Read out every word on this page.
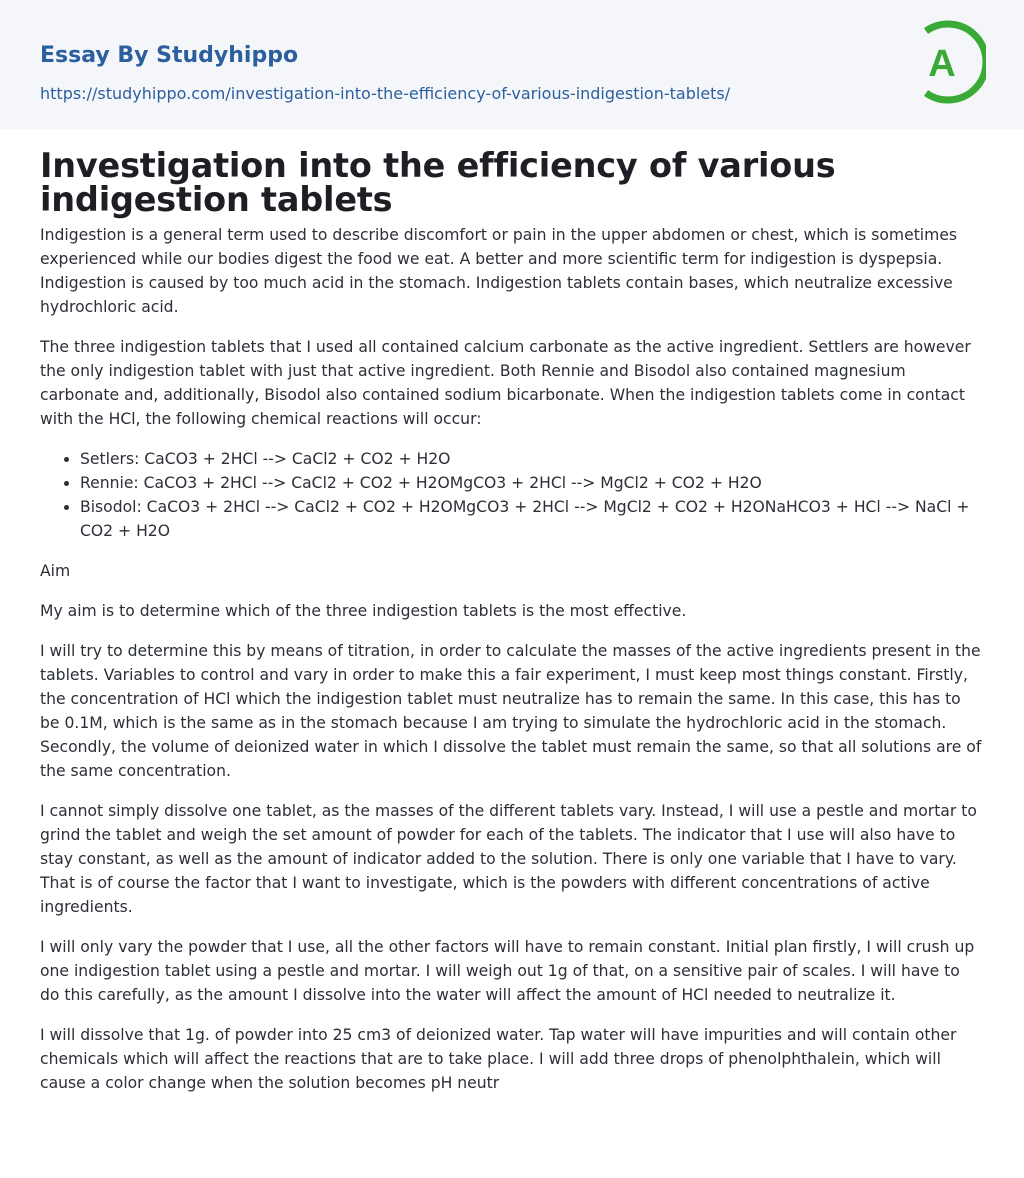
Essay By Studyhippo
https://studyhippo.com/investigation-into-the-efficiency-of-various-indigestion-tablets/
A
Investigation into the efficiency of various indigestion tablets

Indigestion is a general term used to describe discomfort or pain in the upper abdomen or chest, which is sometimes experienced while our bodies digest the food we eat. A better and more scientific term for indigestion is dyspepsia. Indigestion is caused by too much acid in the stomach. Indigestion tablets contain bases, which neutralize excessive hydrochloric acid.

The three indigestion tablets that I used all contained calcium carbonate as the active ingredient. Settlers are however the only indigestion tablet with just that active ingredient. Both Rennie and Bisodol also contained magnesium carbonate and, additionally, Bisodol also contained sodium bicarbonate. When the indigestion tablets come in contact with the HCl, the following chemical reactions will occur:

• Setlers: CaCO3 + 2HCl --> CaCl2 + CO2 + H2O
• Rennie: CaCO3 + 2HCl --> CaCl2 + CO2 + H2OMgCO3 + 2HCl --> MgCl2 + CO2 + H2O
• Bisodol: CaCO3 + 2HCl --> CaCl2 + CO2 + H2OMgCO3 + 2HCl --> MgCl2 + CO2 + H2ONaHCO3 + HCl --> NaCl + CO2 + H2O

Aim

My aim is to determine which of the three indigestion tablets is the most effective.

I will try to determine this by means of titration, in order to calculate the masses of the active ingredients present in the tablets. Variables to control and vary in order to make this a fair experiment, I must keep most things constant. Firstly, the concentration of HCl which the indigestion tablet must neutralize has to remain the same. In this case, this has to be 0.1M, which is the same as in the stomach because I am trying to simulate the hydrochloric acid in the stomach. Secondly, the volume of deionized water in which I dissolve the tablet must remain the same, so that all solutions are of the same concentration.

I cannot simply dissolve one tablet, as the masses of the different tablets vary. Instead, I will use a pestle and mortar to grind the tablet and weigh the set amount of powder for each of the tablets. The indicator that I use will also have to stay constant, as well as the amount of indicator added to the solution. There is only one variable that I have to vary. That is of course the factor that I want to investigate, which is the powders with different concentrations of active ingredients.

I will only vary the powder that I use, all the other factors will have to remain constant. Initial plan firstly, I will crush up one indigestion tablet using a pestle and mortar. I will weigh out 1g of that, on a sensitive pair of scales. I will have to do this carefully, as the amount I dissolve into the water will affect the amount of HCl needed to neutralize it.

I will dissolve that 1g. of powder into 25 cm3 of deionized water. Tap water will have impurities and will contain other chemicals which will affect the reactions that are to take place. I will add three drops of phenolphthalein, which will cause a color change when the solution becomes pH neutr
